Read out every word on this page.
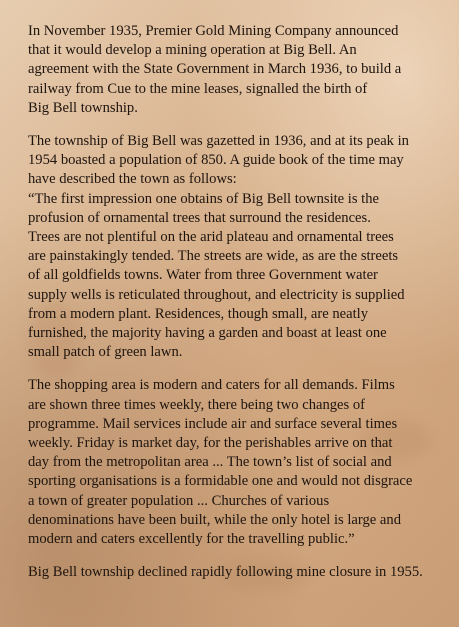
In November 1935, Premier Gold Mining Company announced
that it would develop a mining operation at Big Bell. An
agreement with the State Government in March 1936, to build a
railway from Cue to the mine leases, signalled the birth of
Big Bell township.

The township of Big Bell was gazetted in 1936, and at its peak in
1954 boasted a population of 850. A guide book of the time may
have described the town as follows:
“The first impression one obtains of Big Bell townsite is the
profusion of ornamental trees that surround the residences.
Trees are not plentiful on the arid plateau and ornamental trees
are painstakingly tended. The streets are wide, as are the streets
of all goldfields towns. Water from three Government water
supply wells is reticulated throughout, and electricity is supplied
from a modern plant. Residences, though small, are neatly
furnished, the majority having a garden and boast at least one
small patch of green lawn.

The shopping area is modern and caters for all demands. Films
are shown three times weekly, there being two changes of
programme. Mail services include air and surface several times
weekly. Friday is market day, for the perishables arrive on that
day from the metropolitan area ... The town’s list of social and
sporting organisations is a formidable one and would not disgrace
a town of greater population ... Churches of various
denominations have been built, while the only hotel is large and
modern and caters excellently for the travelling public.”

Big Bell township declined rapidly following mine closure in 1955.
